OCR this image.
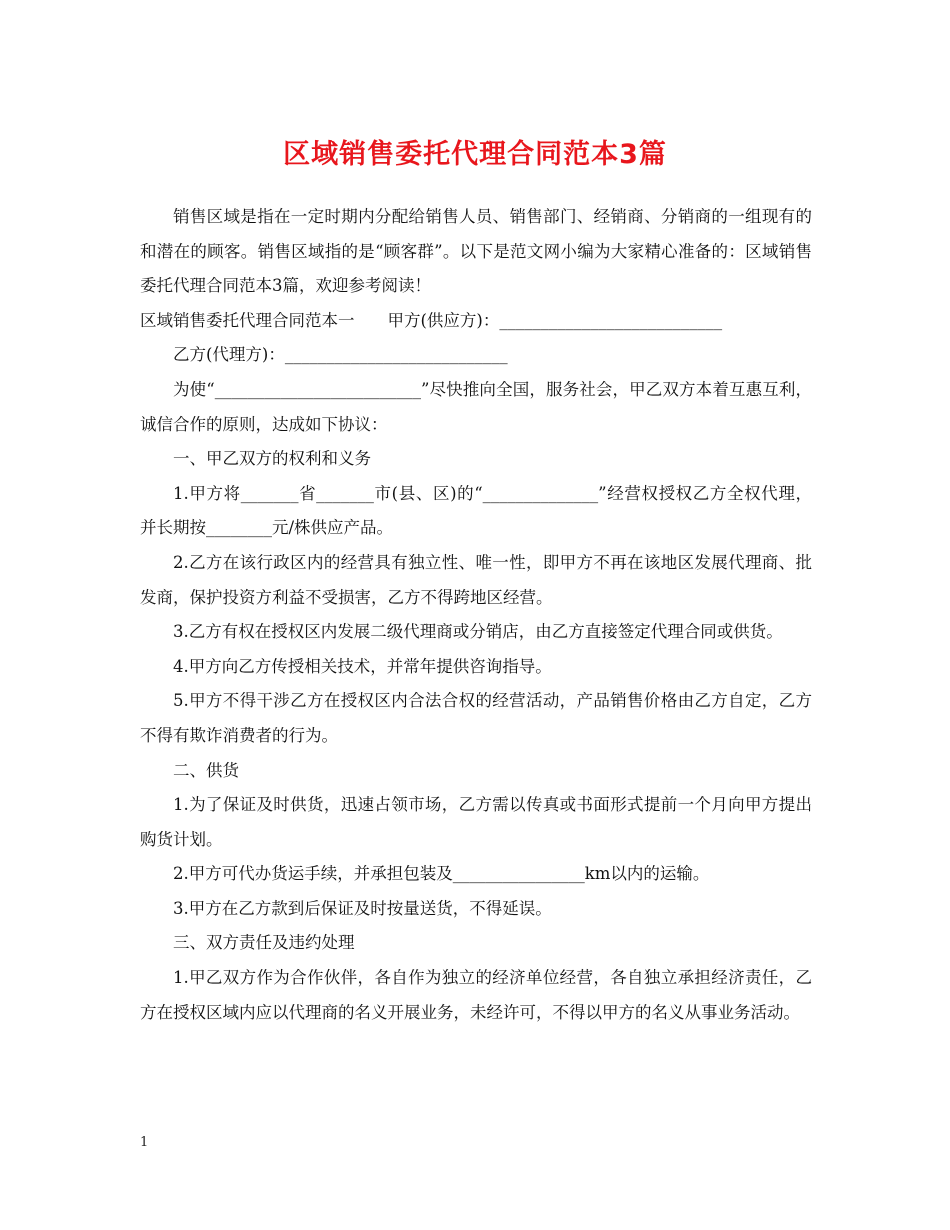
区域销售委托代理合同范本3篇

销售区域是指在一定时期内分配给销售人员、销售部门、经销商、分销商的一组现有的和潜在的顾客。销售区域指的是“顾客群”。以下是范文网小编为大家精心准备的：区域销售委托代理合同范本3篇，欢迎参考阅读！

区域销售委托代理合同范本一　　甲方(供应方)：___________________________

乙方(代理方)：___________________________

为使“_________________________”尽快推向全国，服务社会，甲乙双方本着互惠互利，诚信合作的原则，达成如下协议：

一、甲乙双方的权利和义务

1.甲方将_______省_______市(县、区)的“______________”经营权授权乙方全权代理，并长期按________元/株供应产品。

2.乙方在该行政区内的经营具有独立性、唯一性，即甲方不再在该地区发展代理商、批发商，保护投资方利益不受损害，乙方不得跨地区经营。

3.乙方有权在授权区内发展二级代理商或分销店，由乙方直接签定代理合同或供货。

4.甲方向乙方传授相关技术，并常年提供咨询指导。

5.甲方不得干涉乙方在授权区内合法合权的经营活动，产品销售价格由乙方自定，乙方不得有欺诈消费者的行为。

二、供货

1.为了保证及时供货，迅速占领市场，乙方需以传真或书面形式提前一个月向甲方提出购货计划。

2.甲方可代办货运手续，并承担包装及________________km以内的运输。

3.甲方在乙方款到后保证及时按量送货，不得延误。

三、双方责任及违约处理

1.甲乙双方作为合作伙伴，各自作为独立的经济单位经营，各自独立承担经济责任，乙方在授权区域内应以代理商的名义开展业务，未经许可，不得以甲方的名义从事业务活动。

1
